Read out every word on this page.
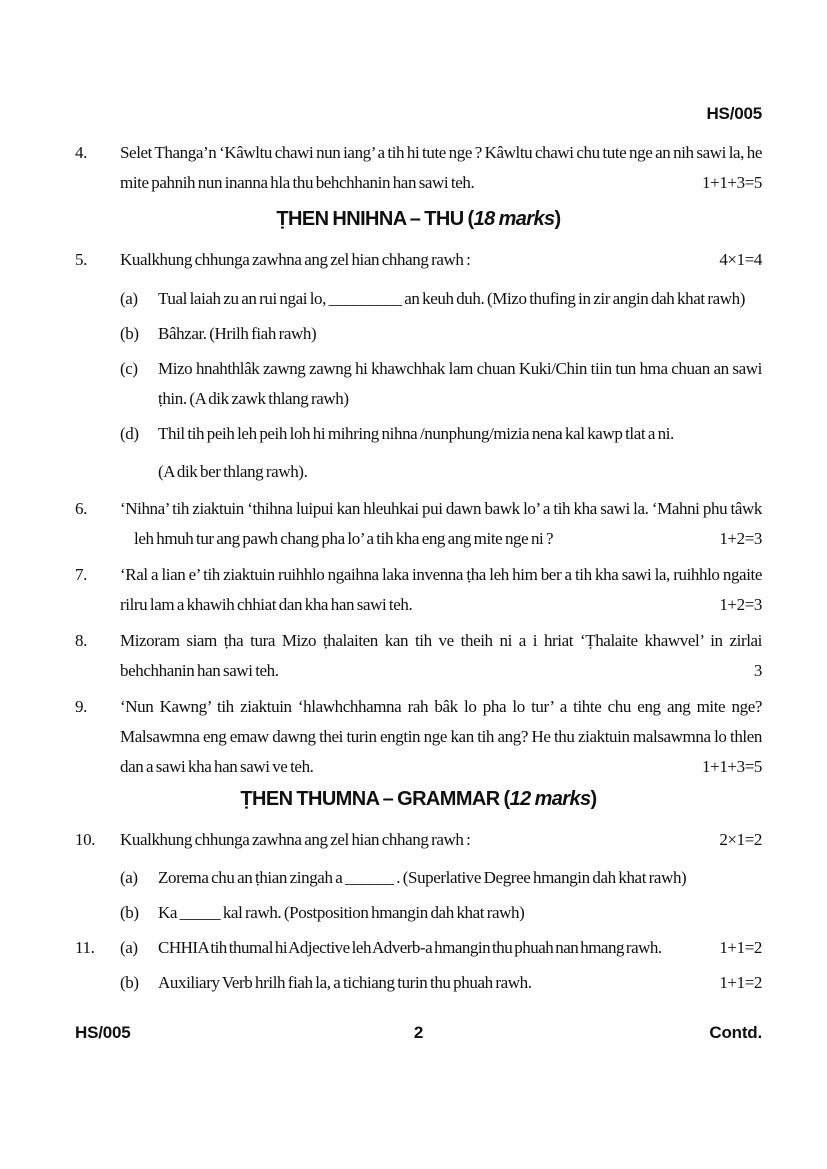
HS/005
4.	Selet Thanga’n ‘Kâwltu chawi nun iang’ a tih hi tute nge ? Kâwltu chawi chu tute nge an nih sawi la, he mite pahnih nun inanna hla thu behchhanin han sawi teh.	1+1+3=5
ṬHEN HNIHNA – THU (18 marks)
5.	Kualkhung chhunga zawhna ang zel hian chhang rawh :	4×1=4
(a)	Tual laiah zu an rui ngai lo, _________ an keuh duh. (Mizo thufing in zir angin dah khat rawh)

(b)	Bâhzar. (Hrilh fiah rawh)

(c)	Mizo hnahthlâk zawng zawng hi khawchhak lam chuan Kuki/Chin tiin tun hma chuan an sawi ṭhin. (A dik zawk thlang rawh)

(d)	Thil tih peih leh peih loh hi mihring nihna /nunphung/mizia nena kal kawp tlat a ni.

(A dik ber thlang rawh).

6.	‘Nihna’ tih ziaktuin ‘thihna luipui kan hleuhkai pui dawn bawk lo’ a tih kha sawi la. ‘Mahni phu tâwk leh hmuh tur ang pawh chang pha lo’ a tih kha eng ang mite nge ni ?	1+2=3
7.	‘Ral a lian e’ tih ziaktuin ruihhlo ngaihna laka invenna ṭha leh him ber a tih kha sawi la, ruihhlo ngaite rilru lam a khawih chhiat dan kha han sawi teh.	1+2=3
8.	Mizoram siam ṭha tura Mizo ṭhalaiten kan tih ve theih ni a i hriat ‘Ṭhalaite khawvel’ in zirlai behchhanin han sawi teh.	3
9.	‘Nun Kawng’ tih ziaktuin ‘hlawhchhamna rah bâk lo pha lo tur’ a tihte chu eng ang mite nge? Malsawmna eng emaw dawng thei turin engtin nge kan tih ang? He thu ziaktuin malsawmna lo thlen dan a sawi kha han sawi ve teh.	1+1+3=5
ṬHEN THUMNA – GRAMMAR (12 marks)
10.	Kualkhung chhunga zawhna ang zel hian chhang rawh :	2×1=2
(a)	Zorema chu an ṭhian zingah a ______ . (Superlative Degree hmangin dah khat rawh)

(b)	Ka _____ kal rawh. (Postposition hmangin dah khat rawh)

11.	(a)	CHHIA tih thumal hi Adjective leh Adverb-a hmangin thu phuah nan hmang rawh.	1+1=2
(b)	Auxiliary Verb hrilh fiah la, a tichiang turin thu phuah rawh.	1+1=2
HS/005	2	Contd.
